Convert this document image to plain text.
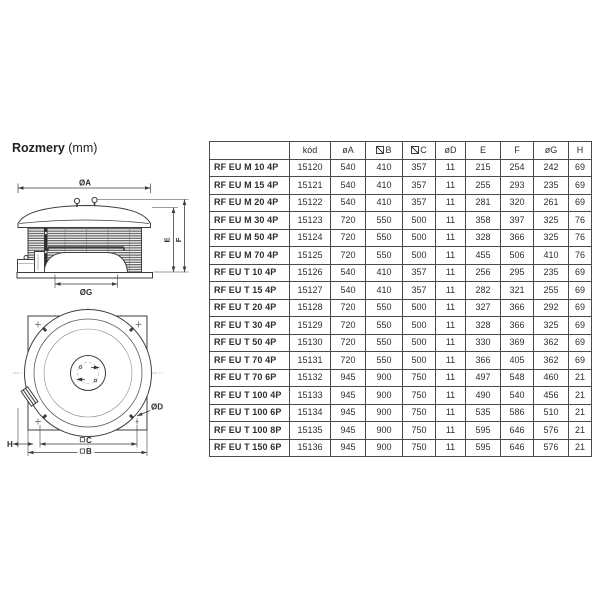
Rozmery (mm)
ØA
E F
ØG
ØD
H	C
B
	kód	øA	B	C	øD	E	F	øG	H
RF EU M 10 4P	15120	540	410	357	11	215	254	242	69
RF EU M 15 4P	15121	540	410	357	11	255	293	235	69
RF EU M 20 4P	15122	540	410	357	11	281	320	261	69
RF EU M 30 4P	15123	720	550	500	11	358	397	325	76
RF EU M 50 4P	15124	720	550	500	11	328	366	325	76
RF EU M 70 4P	15125	720	550	500	11	455	506	410	76
RF EU T 10 4P	15126	540	410	357	11	256	295	235	69
RF EU T 15 4P	15127	540	410	357	11	282	321	255	69
RF EU T 20 4P	15128	720	550	500	11	327	366	292	69
RF EU T 30 4P	15129	720	550	500	11	328	366	325	69
RF EU T 50 4P	15130	720	550	500	11	330	369	362	69
RF EU T 70 4P	15131	720	550	500	11	366	405	362	69
RF EU T 70 6P	15132	945	900	750	11	497	548	460	21
RF EU T 100 4P	15133	945	900	750	11	490	540	456	21
RF EU T 100 6P	15134	945	900	750	11	535	586	510	21
RF EU T 100 8P	15135	945	900	750	11	595	646	576	21
RF EU T 150 6P	15136	945	900	750	11	595	646	576	21
